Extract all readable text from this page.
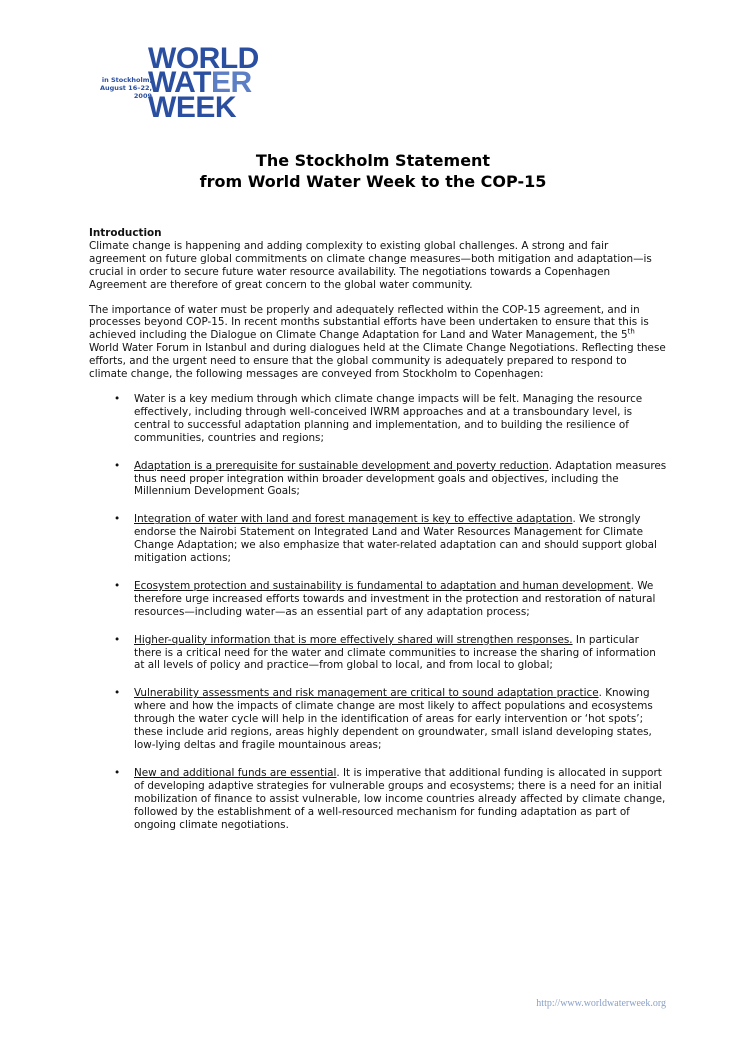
in Stockholm,
August 16–22, 2009
WORLD
WATER
WEEK
The Stockholm Statement
from World Water Week to the COP-15
Introduction

Climate change is happening and adding complexity to existing global challenges. A strong and fair agreement on future global commitments on climate change measures—both mitigation and adaptation—is crucial in order to secure future water resource availability. The negotiations towards a Copenhagen Agreement are therefore of great concern to the global water community.

The importance of water must be properly and adequately reflected within the COP-15 agreement, and in processes beyond COP-15. In recent months substantial efforts have been undertaken to ensure that this is achieved including the Dialogue on Climate Change Adaptation for Land and Water Management, the 5th World Water Forum in Istanbul and during dialogues held at the Climate Change Negotiations. Reflecting these efforts, and the urgent need to ensure that the global community is adequately prepared to respond to climate change, the following messages are conveyed from Stockholm to Copenhagen:

• Water is a key medium through which climate change impacts will be felt. Managing the resource effectively, including through well-conceived IWRM approaches and at a transboundary level, is central to successful adaptation planning and implementation, and to building the resilience of communities, countries and regions;
• Adaptation is a prerequisite for sustainable development and poverty reduction. Adaptation measures thus need proper integration within broader development goals and objectives, including the Millennium Development Goals;
• Integration of water with land and forest management is key to effective adaptation. We strongly endorse the Nairobi Statement on Integrated Land and Water Resources Management for Climate Change Adaptation; we also emphasize that water-related adaptation can and should support global mitigation actions;
• Ecosystem protection and sustainability is fundamental to adaptation and human development. We therefore urge increased efforts towards and investment in the protection and restoration of natural resources—including water—as an essential part of any adaptation process;
• Higher-quality information that is more effectively shared will strengthen responses. In particular there is a critical need for the water and climate communities to increase the sharing of information at all levels of policy and practice—from global to local, and from local to global;
• Vulnerability assessments and risk management are critical to sound adaptation practice. Knowing where and how the impacts of climate change are most likely to affect populations and ecosystems through the water cycle will help in the identification of areas for early intervention or ‘hot spots’; these include arid regions, areas highly dependent on groundwater, small island developing states, low-lying deltas and fragile mountainous areas;
• New and additional funds are essential. It is imperative that additional funding is allocated in support of developing adaptive strategies for vulnerable groups and ecosystems; there is a need for an initial mobilization of finance to assist vulnerable, low income countries already affected by climate change, followed by the establishment of a well-resourced mechanism for funding adaptation as part of ongoing climate negotiations.
http://www.worldwaterweek.org
